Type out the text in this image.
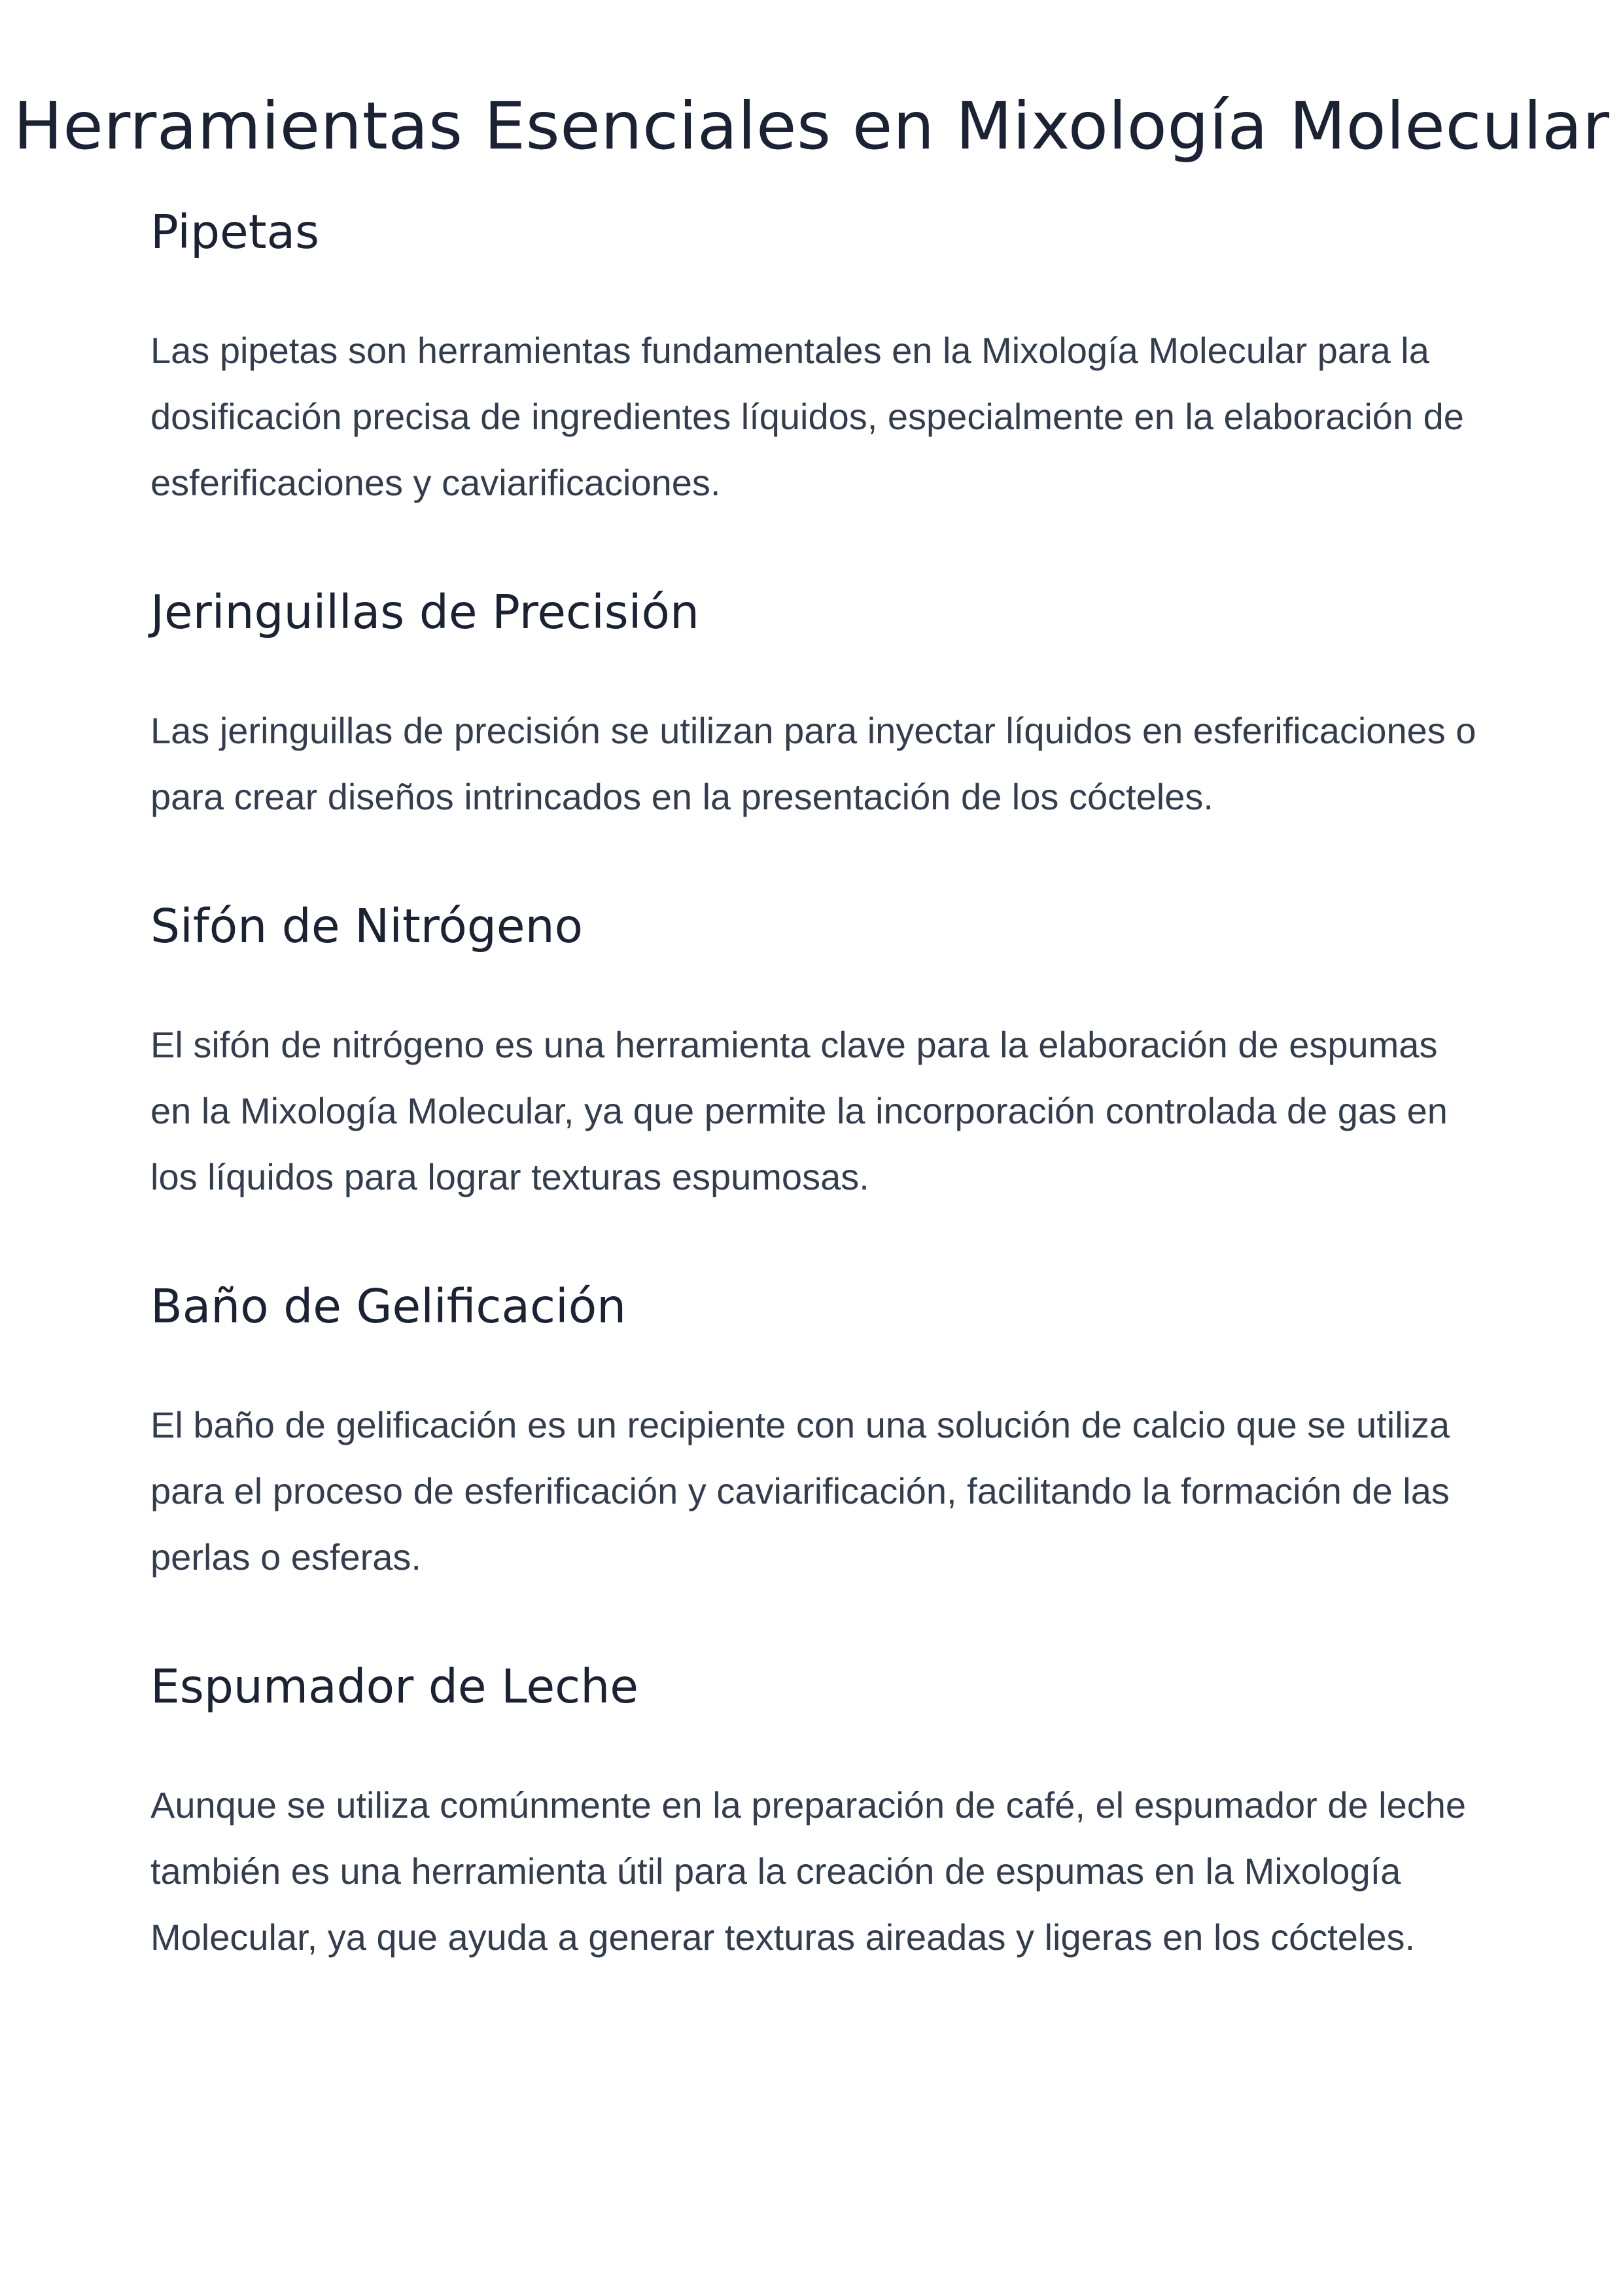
Herramientas Esenciales en Mixología Molecular
Pipetas

Las pipetas son herramientas fundamentales en la Mixología Molecular para la dosificación precisa de ingredientes líquidos, especialmente en la elaboración de esferificaciones y caviarificaciones.

Jeringuillas de Precisión

Las jeringuillas de precisión se utilizan para inyectar líquidos en esferificaciones o para crear diseños intrincados en la presentación de los cócteles.

Sifón de Nitrógeno

El sifón de nitrógeno es una herramienta clave para la elaboración de espumas en la Mixología Molecular, ya que permite la incorporación controlada de gas en los líquidos para lograr texturas espumosas.

Baño de Gelificación

El baño de gelificación es un recipiente con una solución de calcio que se utiliza para el proceso de esferificación y caviarificación, facilitando la formación de las perlas o esferas.

Espumador de Leche

Aunque se utiliza comúnmente en la preparación de café, el espumador de leche también es una herramienta útil para la creación de espumas en la Mixología Molecular, ya que ayuda a generar texturas aireadas y ligeras en los cócteles.
